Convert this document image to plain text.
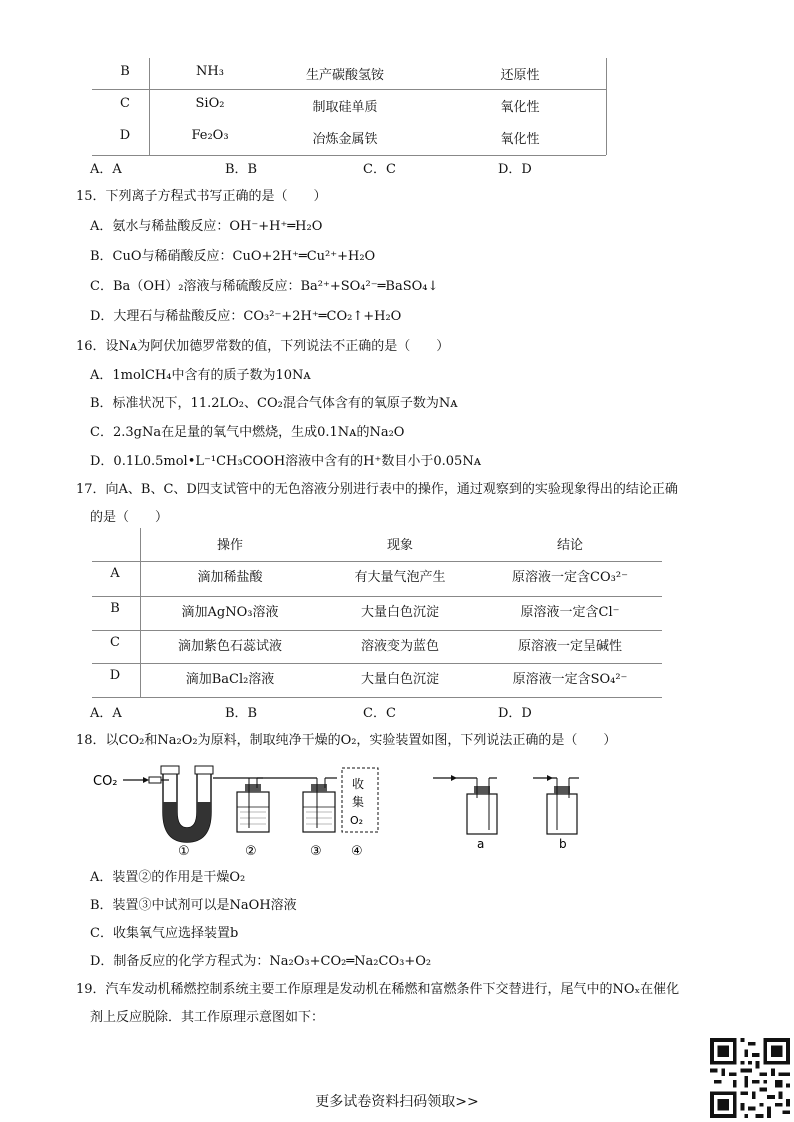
B	NH₃	生产碳酸氢铵	还原性
C	SiO₂	制取硅单质	氧化性
D	Fe₂O₃	冶炼金属铁	氧化性
A．A	B．B	C．C	D．D
15．下列离子方程式书写正确的是（　　）
A．氨水与稀盐酸反应：OH⁻+H⁺═H₂O
B．CuO与稀硝酸反应：CuO+2H⁺═Cu²⁺+H₂O
C．Ba（OH）₂溶液与稀硫酸反应：Ba²⁺+SO₄²⁻═BaSO₄↓
D．大理石与稀盐酸反应：CO₃²⁻+2H⁺═CO₂↑+H₂O
16．设Nᴀ为阿伏加德罗常数的值，下列说法不正确的是（　　）
A．1molCH₄中含有的质子数为10Nᴀ
B．标准状况下，11.2LO₂、CO₂混合气体含有的氧原子数为Nᴀ
C．2.3gNa在足量的氧气中燃烧，生成0.1Nᴀ的Na₂O
D．0.1L0.5mol•L⁻¹CH₃COOH溶液中含有的H⁺数目小于0.05Nᴀ
17．向A、B、C、D四支试管中的无色溶液分别进行表中的操作，通过观察到的实验现象得出的结论正确
的是（　　）
操作	现象	结论
A	滴加稀盐酸	有大量气泡产生	原溶液一定含CO₃²⁻
B	滴加AgNO₃溶液	大量白色沉淀	原溶液一定含Cl⁻
C	滴加紫色石蕊试液	溶液变为蓝色	原溶液一定呈碱性
D	滴加BaCl₂溶液	大量白色沉淀	原溶液一定含SO₄²⁻
A．A	B．B	C．C	D．D
18．以CO₂和Na₂O₂为原料，制取纯净干燥的O₂，实验装置如图，下列说法正确的是（　　）
CO₂
①	②	③
收
集
O₂
④	a	b
A．装置②的作用是干燥O₂
B．装置③中试剂可以是NaOH溶液
C．收集氧气应选择装置b
D．制备反应的化学方程式为：Na₂O₃+CO₂═Na₂CO₃+O₂
19．汽车发动机稀燃控制系统主要工作原理是发动机在稀燃和富燃条件下交替进行，尾气中的NOₓ在催化
剂上反应脱除．其工作原理示意图如下：
更多试卷资料扫码领取>>
